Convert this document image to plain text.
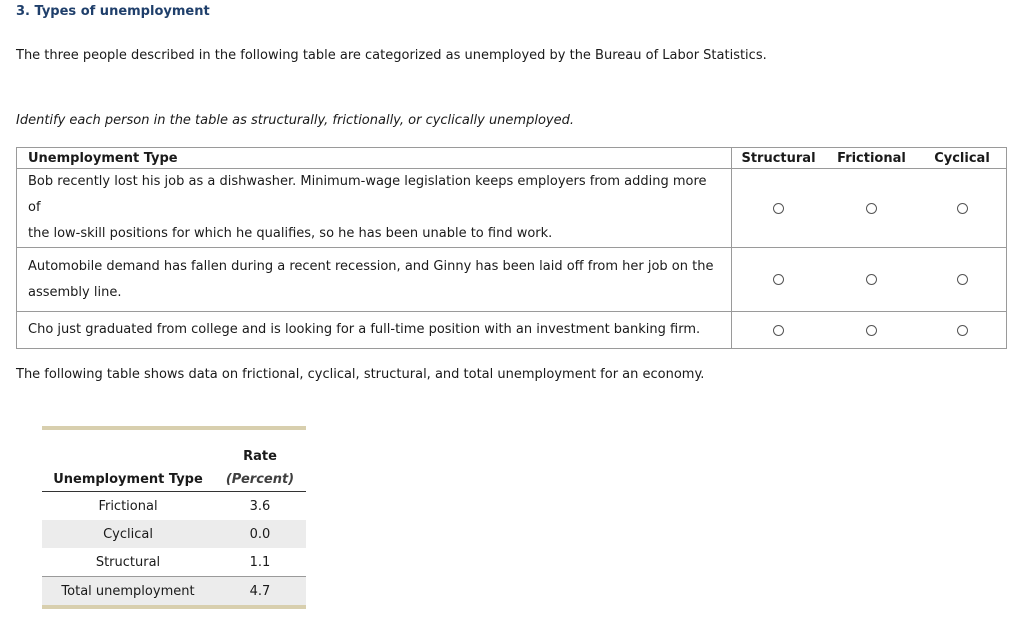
3. Types of unemployment
The three people described in the following table are categorized as unemployed by the Bureau of Labor Statistics.
Identify each person in the table as structurally, frictionally, or cyclically unemployed.
Unemployment Type	Structural	Frictional	Cyclical

Bob recently lost his job as a dishwasher. Minimum-wage legislation keeps employers from adding more of
the low-skill positions for which he qualifies, so he has been unable to find work.			

Automobile demand has fallen during a recent recession, and Ginny has been laid off from her job on the
assembly line.			

Cho just graduated from college and is looking for a full-time position with an investment banking firm.			

The following table shows data on frictional, cyclical, structural, and total unemployment for an economy.

	Rate
Unemployment Type	(Percent)
Frictional	3.6
Cyclical	0.0
Structural	1.1
Total unemployment	4.7
